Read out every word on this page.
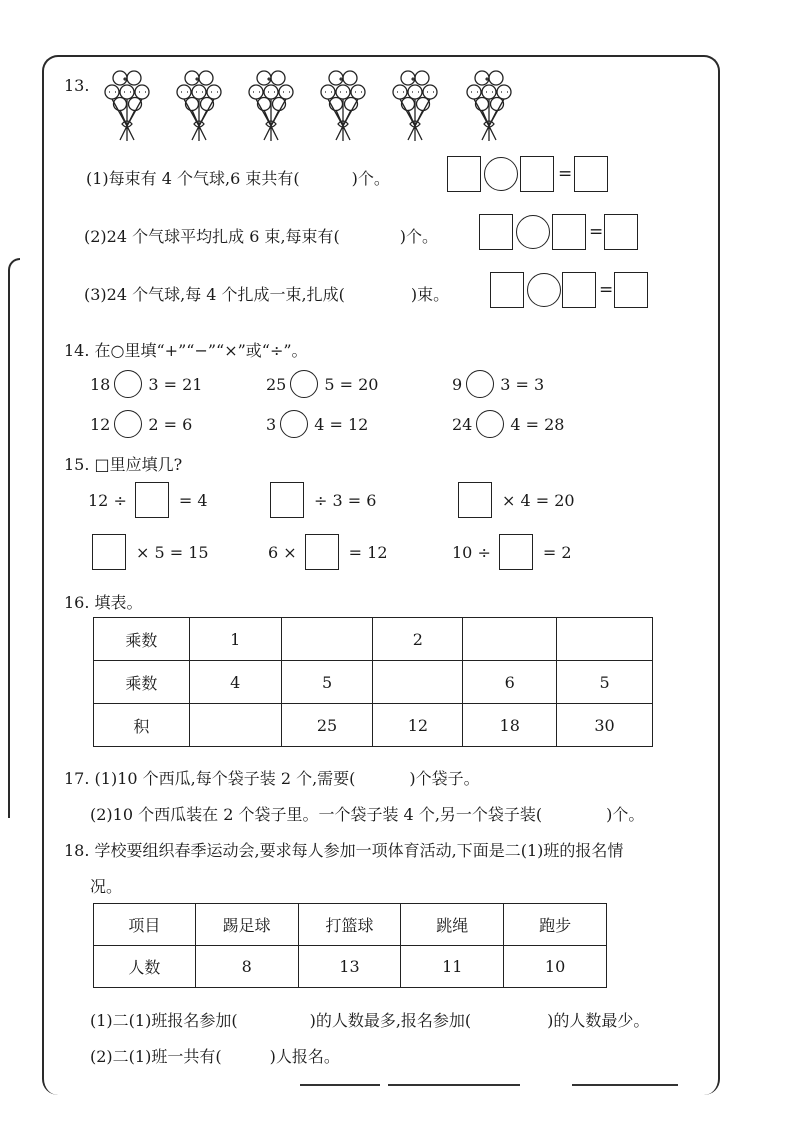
13.
(1)每束有 4 个气球,6 束共有(	)个。	=
(2)24 个气球平均扎成 6 束,每束有(	)个。	=
(3)24 个气球,每 4 个扎成一束,扎成(	)束。	=
14. 在○里填“+”“−”“×”或“÷”。
18 3 = 21	25 5 = 20	9 3 = 3
12 2 = 6	3 4 = 12	24 4 = 28
15. □里应填几?
12 ÷	= 4	÷ 3 = 6	× 4 = 20
× 5 = 15	6 ×	= 12	10 ÷	= 2
16. 填表。
乘数	1		2		
乘数	4	5		6	5
积		25	12	18	30
17. (1)10 个西瓜,每个袋子装 2 个,需要(	)个袋子。
(2)10 个西瓜装在 2 个袋子里。一个袋子装 4 个,另一个袋子装(	)个。
18. 学校要组织春季运动会,要求每人参加一项体育活动,下面是二(1)班的报名情
况。
项目	踢足球	打篮球	跳绳	跑步
人数	8	13	11	10
(1)二(1)班报名参加(	)的人数最多,报名参加(	)的人数最少。
(2)二(1)班一共有(	)人报名。
